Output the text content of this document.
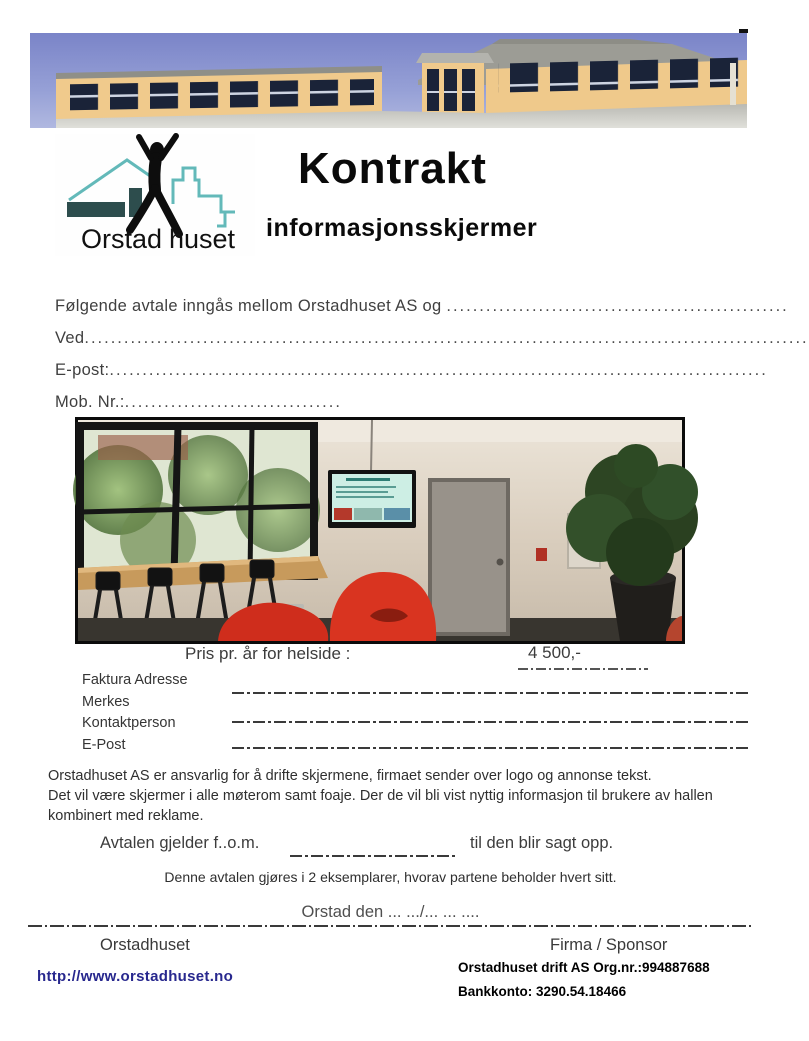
Orstad huset
Kontrakt
informasjonsskjermer
Følgende avtale inngås mellom Orstadhuset AS og ....................................................
Ved..............................................................................................................
E-post:....................................................................................................
Mob. Nr.:.................................
Pris pr. år for helside :	4 500,-
Faktura Adresse
Merkes
Kontaktperson
E-Post
Orstadhuset AS er ansvarlig for å drifte skjermene, firmaet sender over logo og annonse tekst.
Det vil være skjermer i alle møterom samt foaje. Der de vil bli vist nyttig informasjon til brukere av hallen
kombinert med reklame.
Avtalen gjelder f..o.m.	til den blir sagt opp.
Denne avtalen gjøres i 2 eksemplarer, hvorav partene beholder hvert sitt.
Orstad den ... .../... ... ....
Orstadhuset	Firma / Sponsor
http://www.orstadhuset.no
Orstadhuset drift AS Org.nr.:994887688
Bankkonto: 3290.54.18466
